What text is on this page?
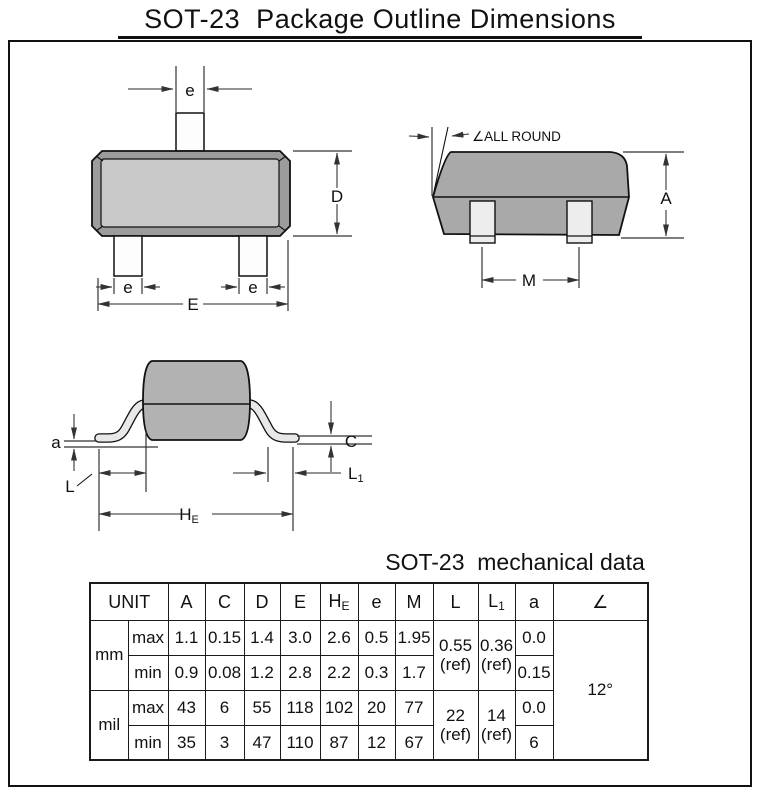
SOT-23  Package Outline Dimensions
e
D
e	e
E
∠ALL ROUND
A
M
a	C
L
L1
HE
SOT-23  mechanical data
UNIT		A	C	D	E	$H_E$	e	M	L	$L_1$	a	∠
mm	max	1.1	0.15	1.4	3.0	2.6	0.5	1.95	0.55 (ref)	0.36 (ref)	0.0	12°
	min	0.9	0.08	1.2	2.8	2.2	0.3	1.7			0.15	
mil	max	43	6	55	118	102	20	77	22 (ref)	14 (ref)	0.0	
	min	35	3	47	110	87	12	67			6	
